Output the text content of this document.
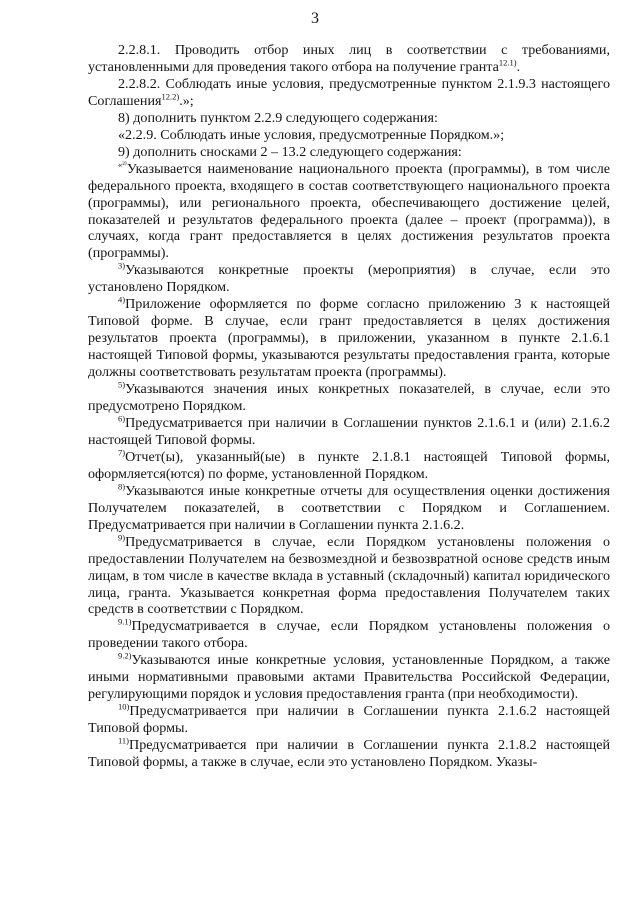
3

2.2.8.1. Проводить отбор иных лиц в соответствии с требованиями, установленными для проведения такого отбора на получение гранта$^{12.1)}$.

2.2.8.2. Соблюдать иные условия, предусмотренные пунктом 2.1.9.3 настоящего Соглашения$^{12.2)}$.»;

8) дополнить пунктом 2.2.9 следующего содержания:

«2.2.9. Соблюдать иные условия, предусмотренные Порядком.»;

9) дополнить сносками 2 – 13.2 следующего содержания:

$^{«^{2)}}$Указывается наименование национального проекта (программы), в том числе федерального проекта, входящего в состав соответствующего национального проекта (программы), или регионального проекта, обеспечивающего достижение целей, показателей и результатов федерального проекта (далее – проект (программа)), в случаях, когда грант предоставляется в целях достижения результатов проекта (программы).

$^{3)}$Указываются конкретные проекты (мероприятия) в случае, если это установлено Порядком.

$^{4)}$Приложение оформляется по форме согласно приложению 3 к настоящей Типовой форме. В случае, если грант предоставляется в целях достижения результатов проекта (программы), в приложении, указанном в пункте 2.1.6.1 настоящей Типовой формы, указываются результаты предоставления гранта, которые должны соответствовать результатам проекта (программы).

$^{5)}$Указываются значения иных конкретных показателей, в случае, если это предусмотрено Порядком.

$^{6)}$Предусматривается при наличии в Соглашении пунктов 2.1.6.1 и (или) 2.1.6.2 настоящей Типовой формы.

$^{7)}$Отчет(ы), указанный(ые) в пункте 2.1.8.1 настоящей Типовой формы, оформляется(ются) по форме, установленной Порядком.

$^{8)}$Указываются иные конкретные отчеты для осуществления оценки достижения Получателем показателей, в соответствии с Порядком и Соглашением. Предусматривается при наличии в Соглашении пункта 2.1.6.2.

$^{9)}$Предусматривается в случае, если Порядком установлены положения о предоставлении Получателем на безвозмездной и безвозвратной основе средств иным лицам, в том числе в качестве вклада в уставный (складочный) капитал юридического лица, гранта. Указывается конкретная форма предоставления Получателем таких средств в соответствии с Порядком.

$^{9.1)}$Предусматривается в случае, если Порядком установлены положения о проведении такого отбора.

$^{9.2)}$Указываются иные конкретные условия, установленные Порядком, а также иными нормативными правовыми актами Правительства Российской Федерации, регулирующими порядок и условия предоставления гранта (при необходимости).

$^{10)}$Предусматривается при наличии в Соглашении пункта 2.1.6.2 настоящей Типовой формы.

$^{11)}$Предусматривается при наличии в Соглашении пункта 2.1.8.2 настоящей Типовой формы, а также в случае, если это установлено Порядком. Указы-
